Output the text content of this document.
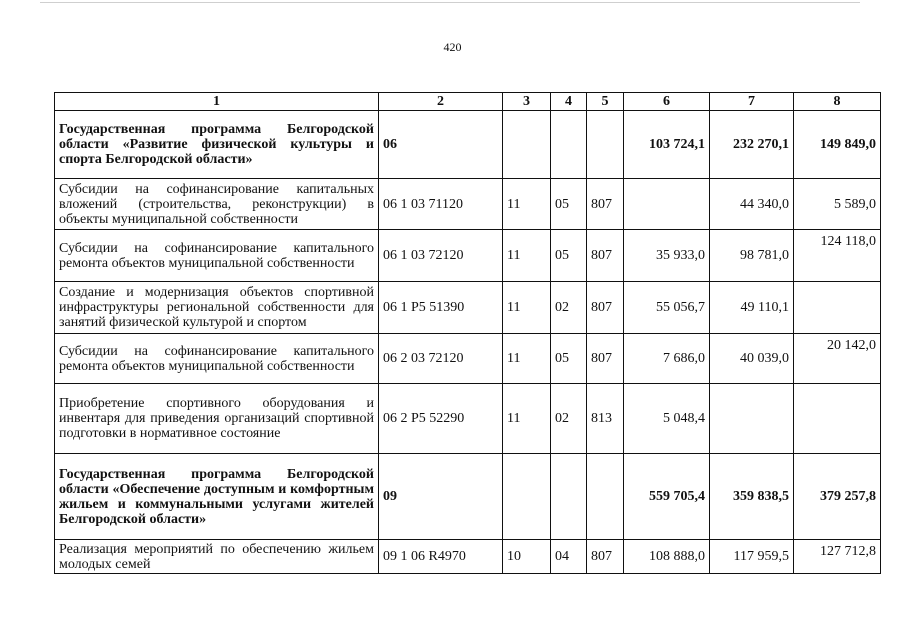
420
1	2	3	4	5	6	7	8
Государственная программа Белгородской области «Развитие физической культуры и спорта Белгородской области»	06				103 724,1	232 270,1	149 849,0
Субсидии на софинансирование капитальных вложений (строительства, реконструкции) в объекты муниципальной собственности	06 1 03 71120	11	05	807		44 340,0	5 589,0
Субсидии на софинансирование капитального ремонта объектов муниципальной собственности	06 1 03 72120	11	05	807	35 933,0	98 781,0	124 118,0
Создание и модернизация объектов спортивной инфраструктуры региональной собственности для занятий физической культурой и спортом	06 1 P5 51390	11	02	807	55 056,7	49 110,1	
Субсидии на софинансирование капитального ремонта объектов муниципальной собственности	06 2 03 72120	11	05	807	7 686,0	40 039,0	20 142,0
Приобретение спортивного оборудования и инвентаря для приведения организаций спортивной подготовки в нормативное состояние	06 2 P5 52290	11	02	813	5 048,4		
Государственная программа Белгородской области «Обеспечение доступным и комфортным жильем и коммунальными услугами жителей Белгородской области»	09				559 705,4	359 838,5	379 257,8
Реализация мероприятий по обеспечению жильем молодых семей	09 1 06 R4970	10	04	807	108 888,0	117 959,5	127 712,8
